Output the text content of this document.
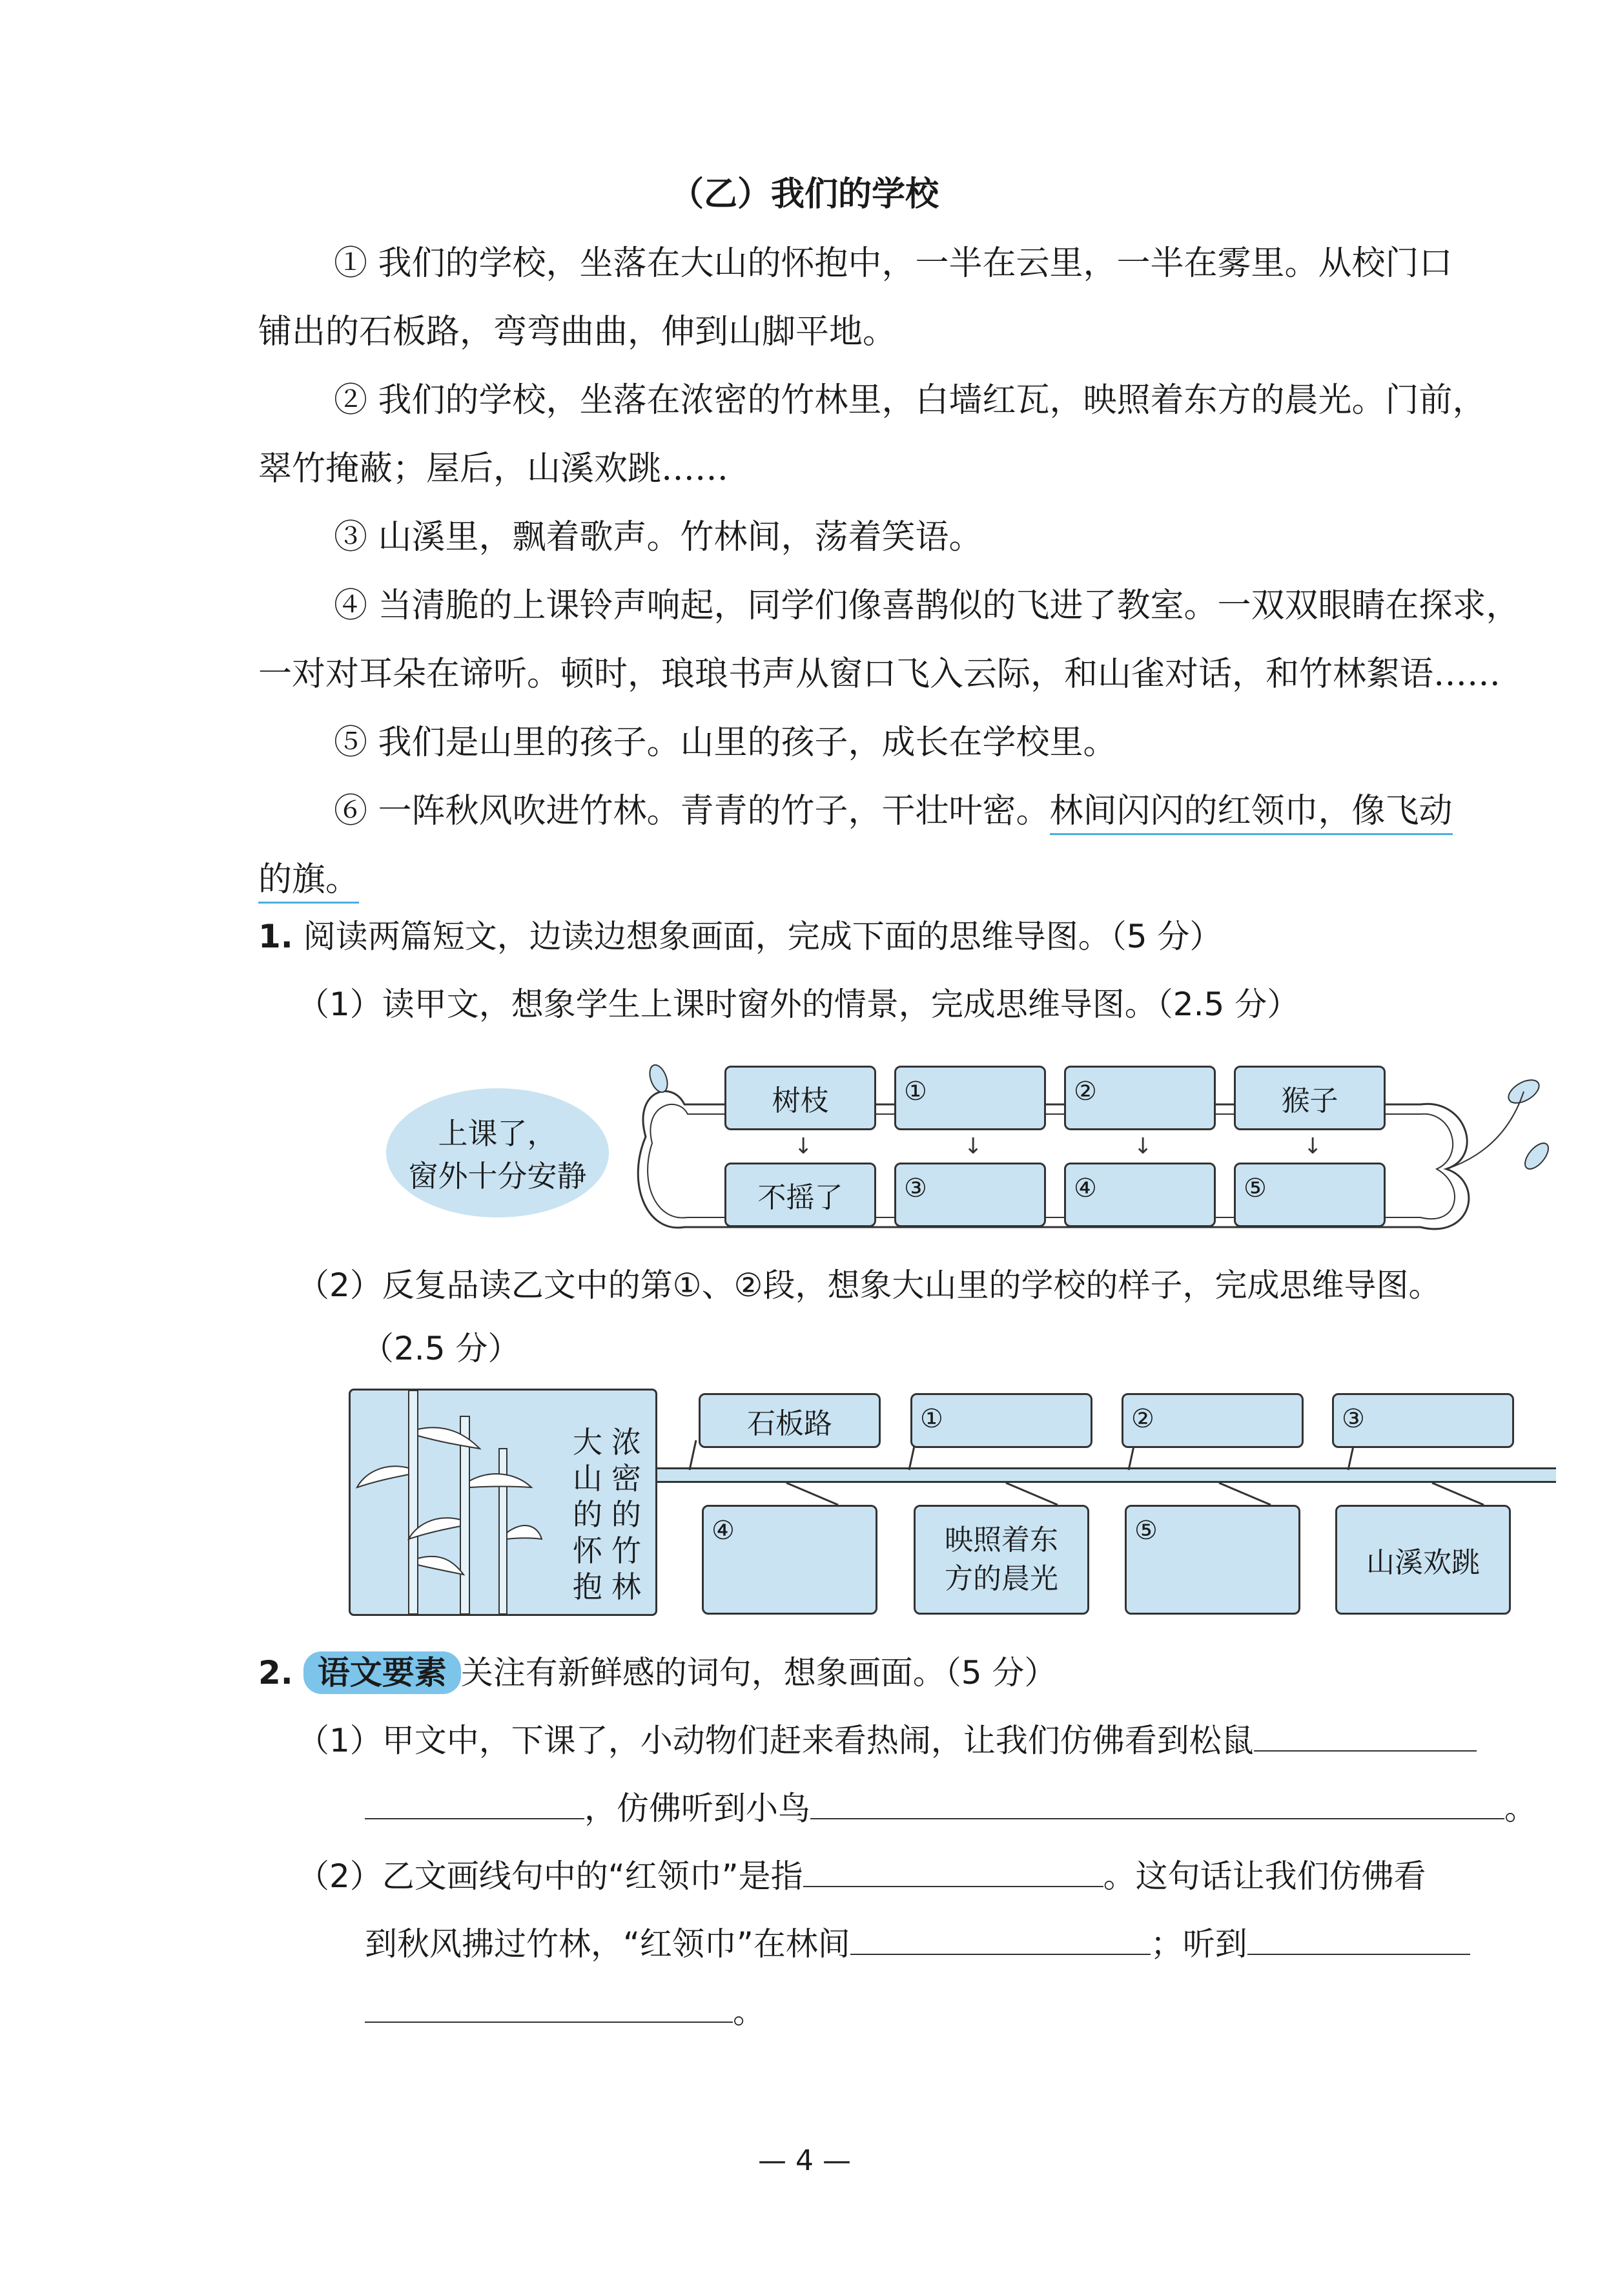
（乙）我们的学校
① 我们的学校，坐落在大山的怀抱中，一半在云里，一半在雾里。从校门口
铺出的石板路，弯弯曲曲，伸到山脚平地。
② 我们的学校，坐落在浓密的竹林里，白墙红瓦，映照着东方的晨光。门前，
翠竹掩蔽；屋后，山溪欢跳……
③ 山溪里，飘着歌声。竹林间，荡着笑语。
④ 当清脆的上课铃声响起，同学们像喜鹊似的飞进了教室。一双双眼睛在探求，
一对对耳朵在谛听。顿时，琅琅书声从窗口飞入云际，和山雀对话，和竹林絮语……
⑤ 我们是山里的孩子。山里的孩子，成长在学校里。
⑥ 一阵秋风吹进竹林。青青的竹子，干壮叶密。林间闪闪的红领巾，像飞动
的旗。
1. 阅读两篇短文，边读边想象画面，完成下面的思维导图。（5 分）
（1）读甲文，想象学生上课时窗外的情景，完成思维导图。（2.5 分）
上课了，
窗外十分安静
树枝	①	②	猴子
↓	↓	↓	↓
不摇了	③	④	⑤
（2）反复品读乙文中的第①、②段，想象大山里的学校的样子，完成思维导图。
（2.5 分）
大
山
的
怀
抱
浓
密
的
竹
林
石板路	①	②	③
④	映照着东
方的晨光
⑤
山溪欢跳
2. 语文要素 关注有新鲜感的词句，想象画面。（5 分）
（1）甲文中，下课了，小动物们赶来看热闹，让我们仿佛看到松鼠
，仿佛听到小鸟	。
（2）乙文画线句中的“红领巾”是指	。这句话让我们仿佛看
到秋风拂过竹林，“红领巾”在林间	；听到
。
— 4 —
